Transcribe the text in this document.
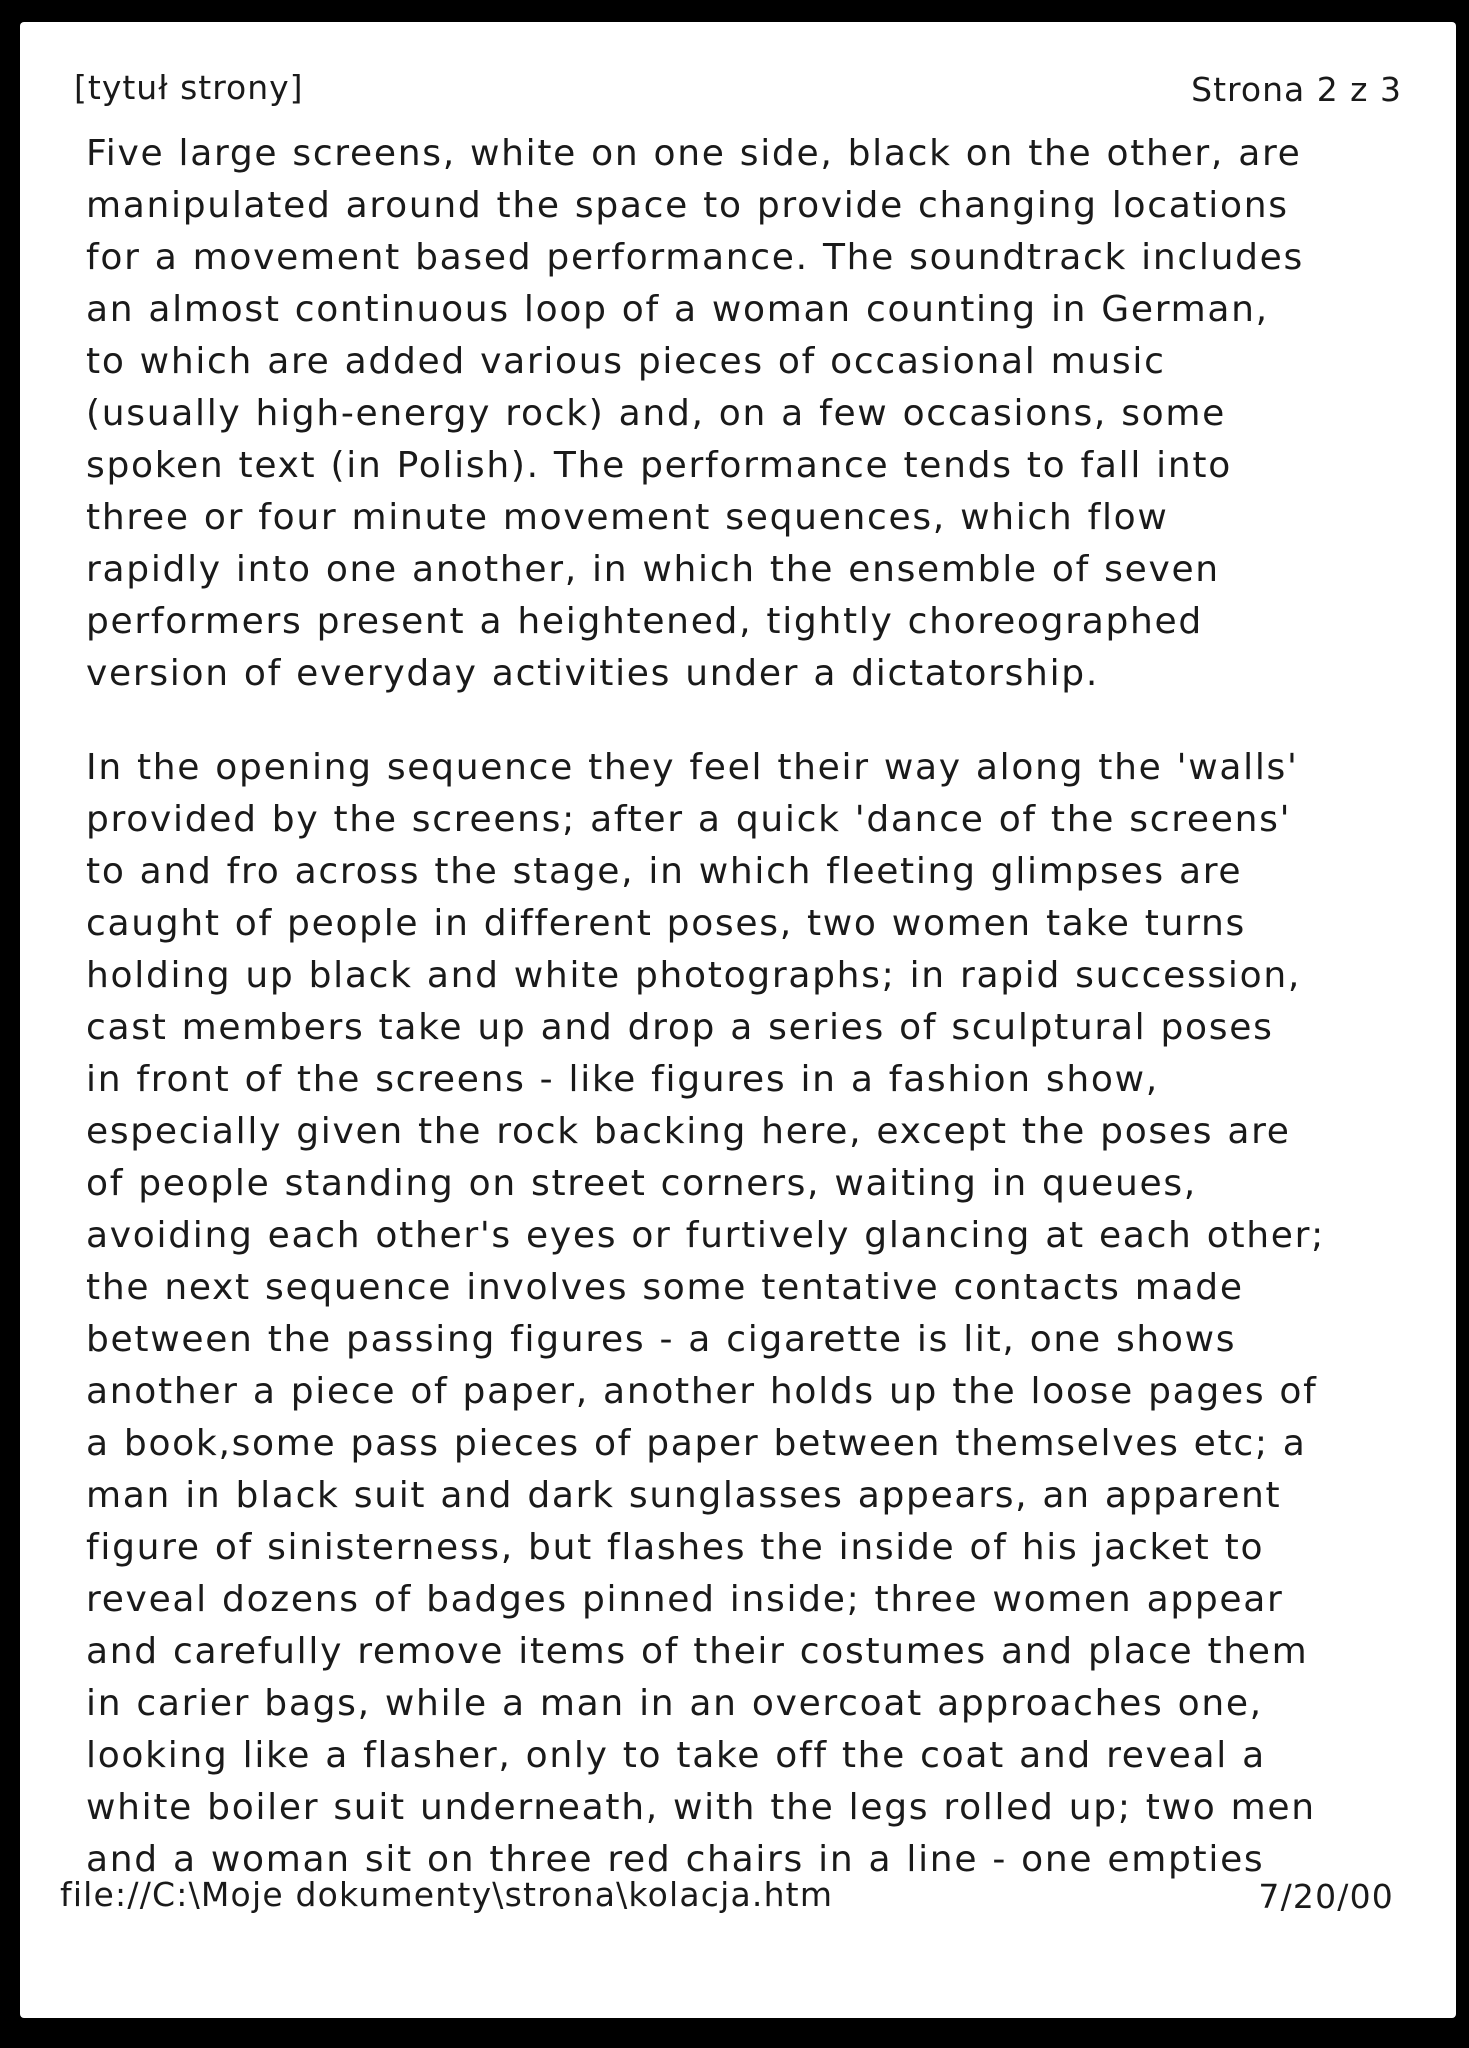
[tytuł strony]	Strona 2 z 3

Five large screens, white on one side, black on the other, are
manipulated around the space to provide changing locations
for a movement based performance. The soundtrack includes
an almost continuous loop of a woman counting in German,
to which are added various pieces of occasional music
(usually high-energy rock) and, on a few occasions, some
spoken text (in Polish). The performance tends to fall into
three or four minute movement sequences, which flow
rapidly into one another, in which the ensemble of seven
performers present a heightened, tightly choreographed
version of everyday activities under a dictatorship.

In the opening sequence they feel their way along the 'walls'
provided by the screens; after a quick 'dance of the screens'
to and fro across the stage, in which fleeting glimpses are
caught of people in different poses, two women take turns
holding up black and white photographs; in rapid succession,
cast members take up and drop a series of sculptural poses
in front of the screens - like figures in a fashion show,
especially given the rock backing here, except the poses are
of people standing on street corners, waiting in queues,
avoiding each other's eyes or furtively glancing at each other;
the next sequence involves some tentative contacts made
between the passing figures - a cigarette is lit, one shows
another a piece of paper, another holds up the loose pages of
a book,some pass pieces of paper between themselves etc; a
man in black suit and dark sunglasses appears, an apparent
figure of sinisterness, but flashes the inside of his jacket to
reveal dozens of badges pinned inside; three women appear
and carefully remove items of their costumes and place them
in carier bags, while a man in an overcoat approaches one,
looking like a flasher, only to take off the coat and reveal a
white boiler suit underneath, with the legs rolled up; two men
and a woman sit on three red chairs in a line - one empties

file://C:\Moje dokumenty\strona\kolacja.htm	7/20/00
